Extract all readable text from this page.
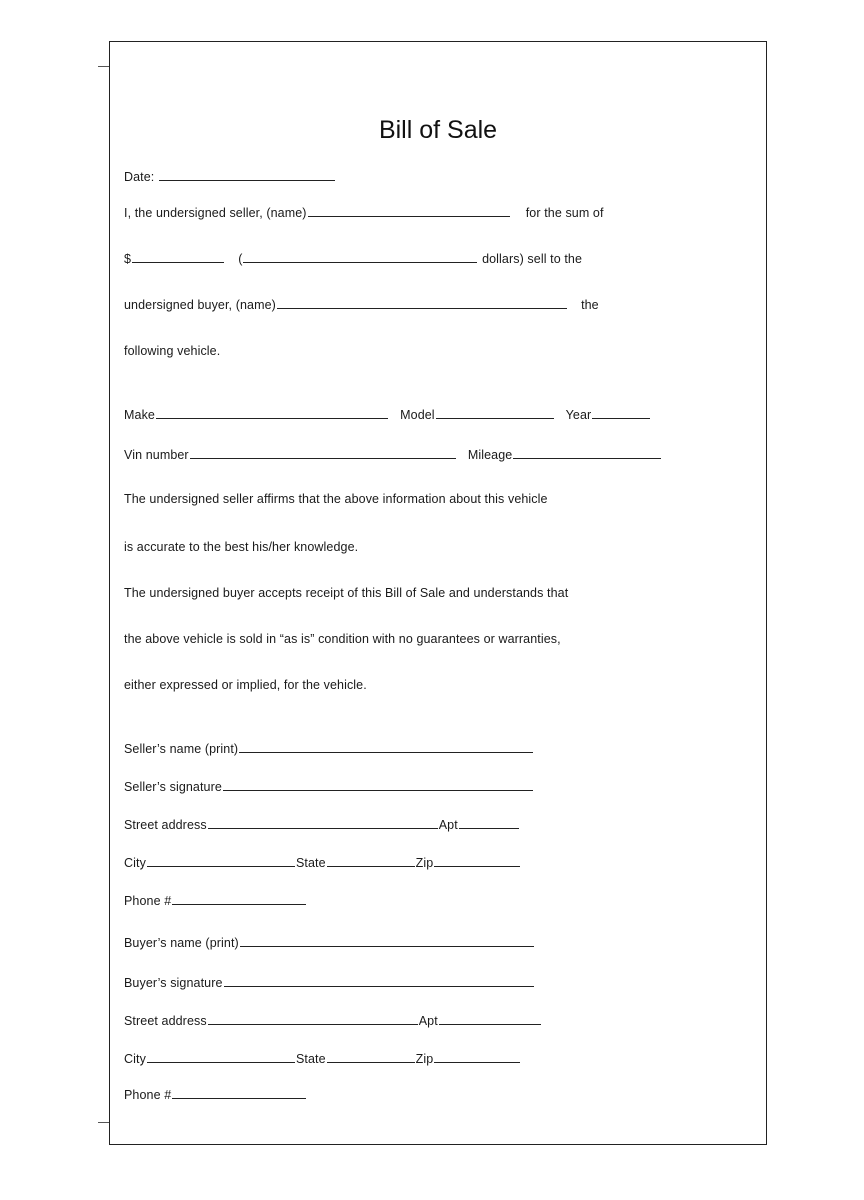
Bill of Sale
Date:
I, the undersigned seller, (name)	for the sum of
$	(	dollars) sell to the
undersigned buyer, (name)	the
following vehicle.
Make	Model	Year
Vin number	Mileage
The undersigned seller affirms that the above information about this vehicle
is accurate to the best his/her knowledge.
The undersigned buyer accepts receipt of this Bill of Sale and understands that
the above vehicle is sold in “as is” condition with no guarantees or warranties,
either expressed or implied, for the vehicle.
Seller’s name (print)
Seller’s signature
Street address	Apt
City	State	Zip
Phone #
Buyer’s name (print)
Buyer’s signature
Street address	Apt
City	State	Zip
Phone #
